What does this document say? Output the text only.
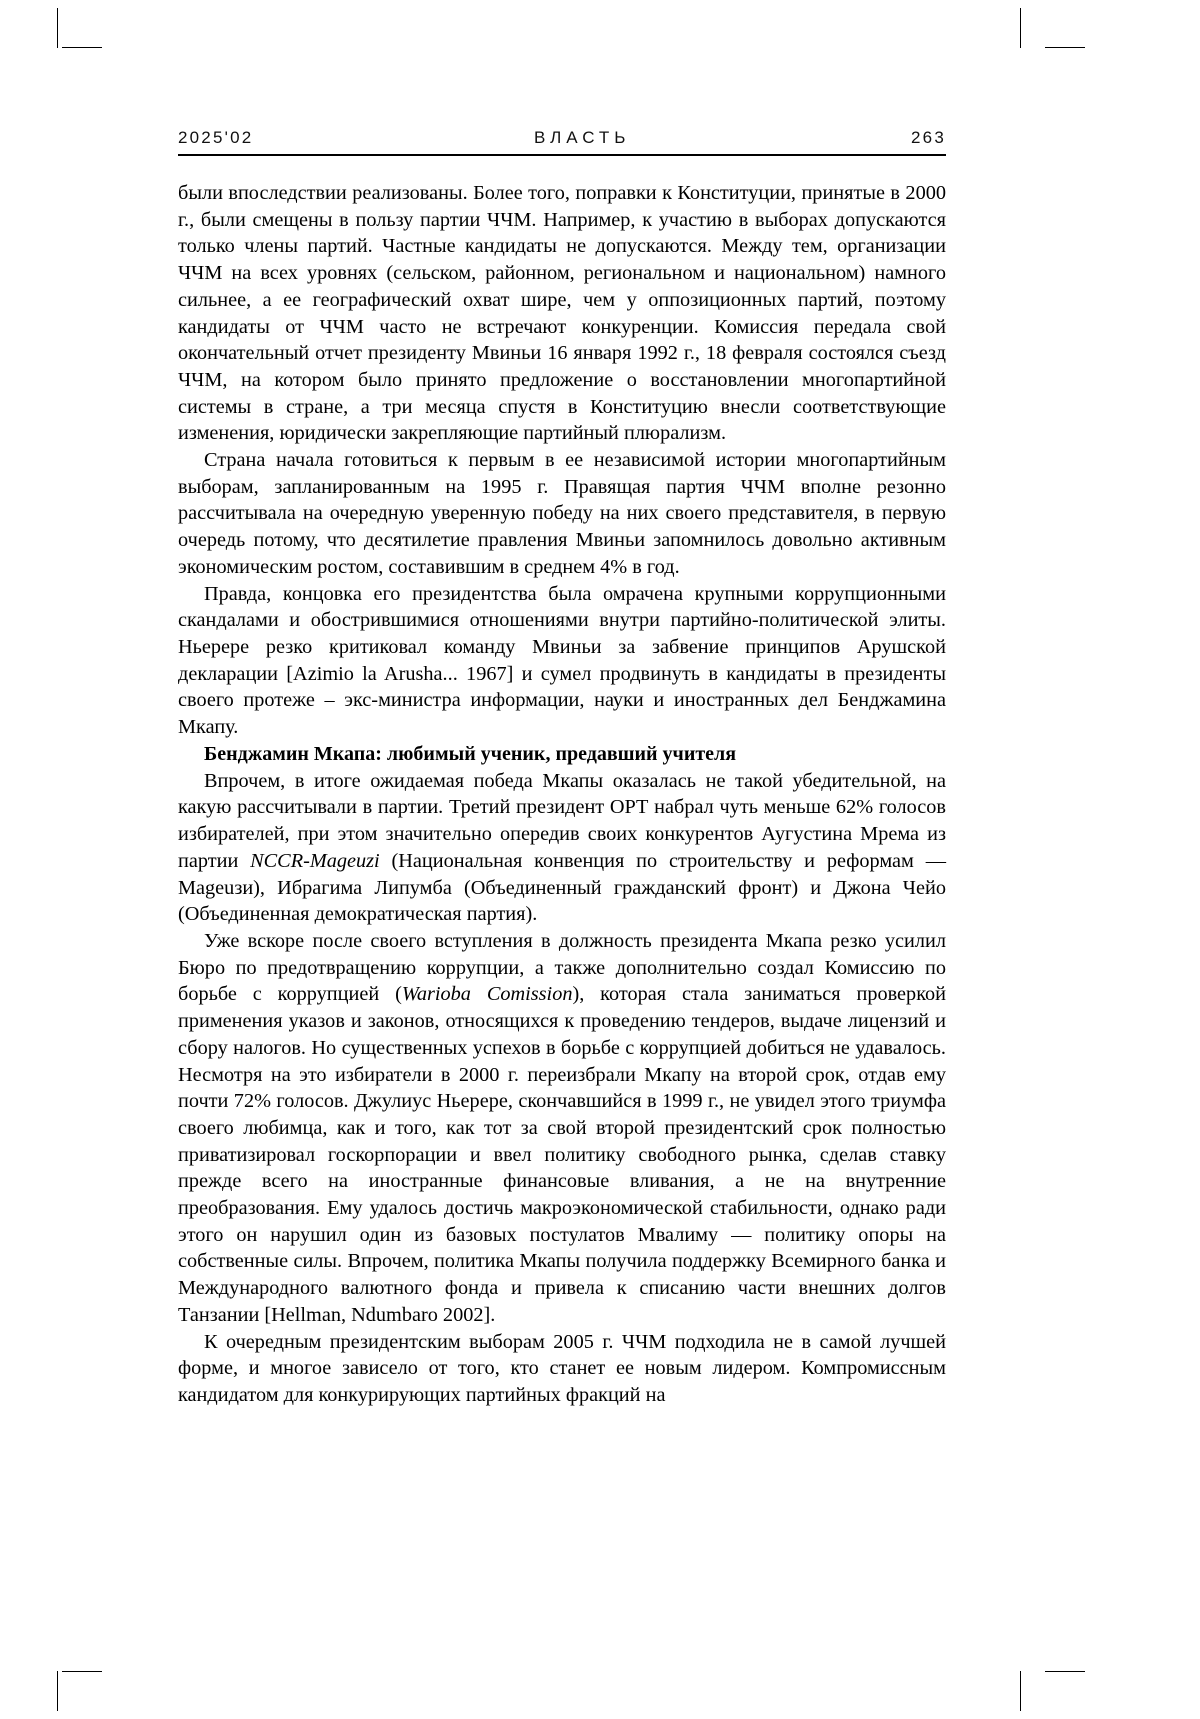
2025'02	ВЛАСТЬ	263

были впоследствии реализованы. Более того, поправки к Конституции, принятые в 2000 г., были смещены в пользу партии ЧЧМ. Например, к участию в выборах допускаются только члены партий. Частные кандидаты не допускаются. Между тем, организации ЧЧМ на всех уровнях (сельском, районном, региональном и национальном) намного сильнее, а ее географический охват шире, чем у оппозиционных партий, поэтому кандидаты от ЧЧМ часто не встречают конкуренции. Комиссия передала свой окончательный отчет президенту Мвиньи 16 января 1992 г., 18 февраля состоялся съезд ЧЧМ, на котором было принято предложение о восстановлении многопартийной системы в стране, а три месяца спустя в Конституцию внесли соответствующие изменения, юридически закрепляющие партийный плюрализм.

Страна начала готовиться к первым в ее независимой истории многопартийным выборам, запланированным на 1995 г. Правящая партия ЧЧМ вполне резонно рассчитывала на очередную уверенную победу на них своего представителя, в первую очередь потому, что десятилетие правления Мвиньи запомнилось довольно активным экономическим ростом, составившим в среднем 4% в год.

Правда, концовка его президентства была омрачена крупными коррупционными скандалами и обострившимися отношениями внутри партийно-политической элиты. Ньерере резко критиковал команду Мвиньи за забвение принципов Арушской декларации [Azimio la Arusha... 1967] и сумел продвинуть в кандидаты в президенты своего протеже – экс-министра информации, науки и иностранных дел Бенджамина Мкапу.

Бенджамин Мкапа: любимый ученик, предавший учителя

Впрочем, в итоге ожидаемая победа Мкапы оказалась не такой убедительной, на какую рассчитывали в партии. Третий президент ОРТ набрал чуть меньше 62% голосов избирателей, при этом значительно опередив своих конкурентов Аугустина Мрема из партии NCCR-Mageuzi (Национальная конвенция по строительству и реформам — Мageuзи), Ибрагима Липумба (Объединенный гражданский фронт) и Джона Чейо (Объединенная демократическая партия).

Уже вскоре после своего вступления в должность президента Мкапа резко усилил Бюро по предотвращению коррупции, а также дополнительно создал Комиссию по борьбе с коррупцией (Warioba Comission), которая стала заниматься проверкой применения указов и законов, относящихся к проведению тендеров, выдаче лицензий и сбору налогов. Но существенных успехов в борьбе с коррупцией добиться не удавалось. Несмотря на это избиратели в 2000 г. переизбрали Мкапу на второй срок, отдав ему почти 72% голосов. Джулиус Ньерере, скончавшийся в 1999 г., не увидел этого триумфа своего любимца, как и того, как тот за свой второй президентский срок полностью приватизировал госкорпорации и ввел политику свободного рынка, сделав ставку прежде всего на иностранные финансовые вливания, а не на внутренние преобразования. Ему удалось достичь макроэкономической стабильности, однако ради этого он нарушил один из базовых постулатов Мвалиму — политику опоры на собственные силы. Впрочем, политика Мкапы получила поддержку Всемирного банка и Международного валютного фонда и привела к списанию части внешних долгов Танзании [Hellman, Ndumbaro 2002].

К очередным президентским выборам 2005 г. ЧЧМ подходила не в самой лучшей форме, и многое зависело от того, кто станет ее новым лидером. Компромиссным кандидатом для конкурирующих партийных фракций на
